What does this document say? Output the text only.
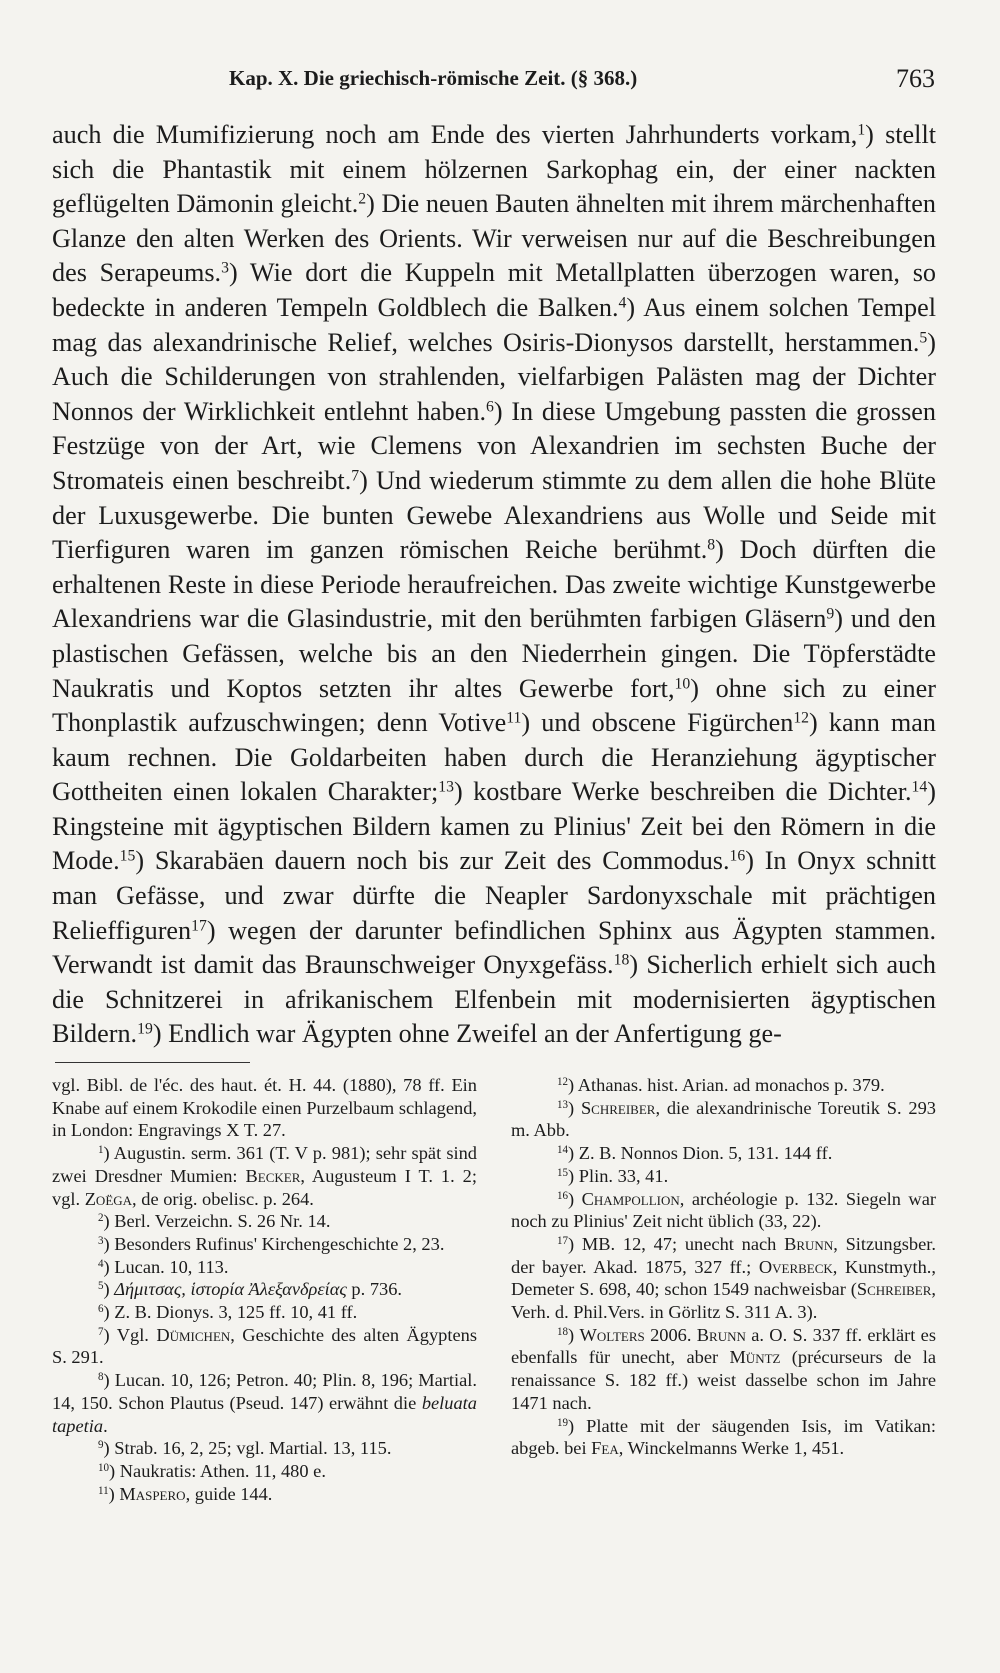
Kap. X. Die griechisch-römische Zeit. (§ 368.)	763

auch die Mumifizierung noch am Ende des vierten Jahrhunderts vorkam,$^1$) stellt sich die Phantastik mit einem hölzernen Sarkophag ein, der einer nackten geflügelten Dämonin gleicht.$^2$) Die neuen Bauten ähnelten mit ihrem märchenhaften Glanze den alten Werken des Orients. Wir verweisen nur auf die Beschreibungen des Serapeums.$^3$) Wie dort die Kuppeln mit Metallplatten überzogen waren, so bedeckte in anderen Tempeln Goldblech die Balken.$^4$) Aus einem solchen Tempel mag das alexandrinische Relief, welches Osiris-Dionysos darstellt, herstammen.$^5$) Auch die Schilderungen von strahlenden, vielfarbigen Palästen mag der Dichter Nonnos der Wirklichkeit entlehnt haben.$^6$) In diese Umgebung passten die grossen Festzüge von der Art, wie Clemens von Alexandrien im sechsten Buche der Stromateis einen beschreibt.$^7$) Und wiederum stimmte zu dem allen die hohe Blüte der Luxusgewerbe. Die bunten Gewebe Alexandriens aus Wolle und Seide mit Tierfiguren waren im ganzen römischen Reiche berühmt.$^8$) Doch dürften die erhaltenen Reste in diese Periode heraufreichen. Das zweite wichtige Kunstgewerbe Alexandriens war die Glasindustrie, mit den berühmten farbigen Gläsern$^9$) und den plastischen Gefässen, welche bis an den Niederrhein gingen. Die Töpferstädte Naukratis und Koptos setzten ihr altes Gewerbe fort,$^{10}$) ohne sich zu einer Thonplastik aufzuschwingen; denn Votive$^{11}$) und obscene Figürchen$^{12}$) kann man kaum rechnen. Die Goldarbeiten haben durch die Heranziehung ägyptischer Gottheiten einen lokalen Charakter;$^{13}$) kostbare Werke beschreiben die Dichter.$^{14}$) Ringsteine mit ägyptischen Bildern kamen zu Plinius' Zeit bei den Römern in die Mode.$^{15}$) Skarabäen dauern noch bis zur Zeit des Commodus.$^{16}$) In Onyx schnitt man Gefässe, und zwar dürfte die Neapler Sardonyxschale mit prächtigen Relieffiguren$^{17}$) wegen der darunter befindlichen Sphinx aus Ägypten stammen. Verwandt ist damit das Braunschweiger Onyxgefäss.$^{18}$) Sicherlich erhielt sich auch die Schnitzerei in afrikanischem Elfenbein mit modernisierten ägyptischen Bildern.$^{19}$) Endlich war Ägypten ohne Zweifel an der Anfertigung ge-

vgl. Bibl. de l'éc. des haut. ét. H. 44. (1880), 78 ff. Ein Knabe auf einem Krokodile einen Purzelbaum schlagend, in London: Engravings X T. 27.

$^1$) Augustin. serm. 361 (T. V p. 981); sehr spät sind zwei Dresdner Mumien: Becker, Augusteum I T. 1. 2; vgl. Zoëga, de orig. obelisc. p. 264.

$^2$) Berl. Verzeichn. S. 26 Nr. 14.

$^3$) Besonders Rufinus' Kirchengeschichte 2, 23.

$^4$) Lucan. 10, 113.

$^5$) Δήμιτσας, ἱστορία Ἀλεξανδρείας p. 736.

$^6$) Z. B. Dionys. 3, 125 ff. 10, 41 ff.

$^7$) Vgl. Dümichen, Geschichte des alten Ägyptens S. 291.

$^8$) Lucan. 10, 126; Petron. 40; Plin. 8, 196; Martial. 14, 150. Schon Plautus (Pseud. 147) erwähnt die beluata tapetia.

$^9$) Strab. 16, 2, 25; vgl. Martial. 13, 115.

$^{10}$) Naukratis: Athen. 11, 480 e.

$^{11}$) Maspero, guide 144.

$^{12}$) Athanas. hist. Arian. ad monachos p. 379.

$^{13}$) Schreiber, die alexandrinische Toreutik S. 293 m. Abb.

$^{14}$) Z. B. Nonnos Dion. 5, 131. 144 ff.

$^{15}$) Plin. 33, 41.

$^{16}$) Champollion, archéologie p. 132. Siegeln war noch zu Plinius' Zeit nicht üblich (33, 22).

$^{17}$) MB. 12, 47; unecht nach Brunn, Sitzungsber. der bayer. Akad. 1875, 327 ff.; Overbeck, Kunstmyth., Demeter S. 698, 40; schon 1549 nachweisbar (Schreiber, Verh. d. Phil.Vers. in Görlitz S. 311 A. 3).

$^{18}$) Wolters 2006. Brunn a. O. S. 337 ff. erklärt es ebenfalls für unecht, aber Müntz (précurseurs de la renaissance S. 182 ff.) weist dasselbe schon im Jahre 1471 nach.

$^{19}$) Platte mit der säugenden Isis, im Vatikan: abgeb. bei Fea, Winckelmanns Werke 1, 451.
